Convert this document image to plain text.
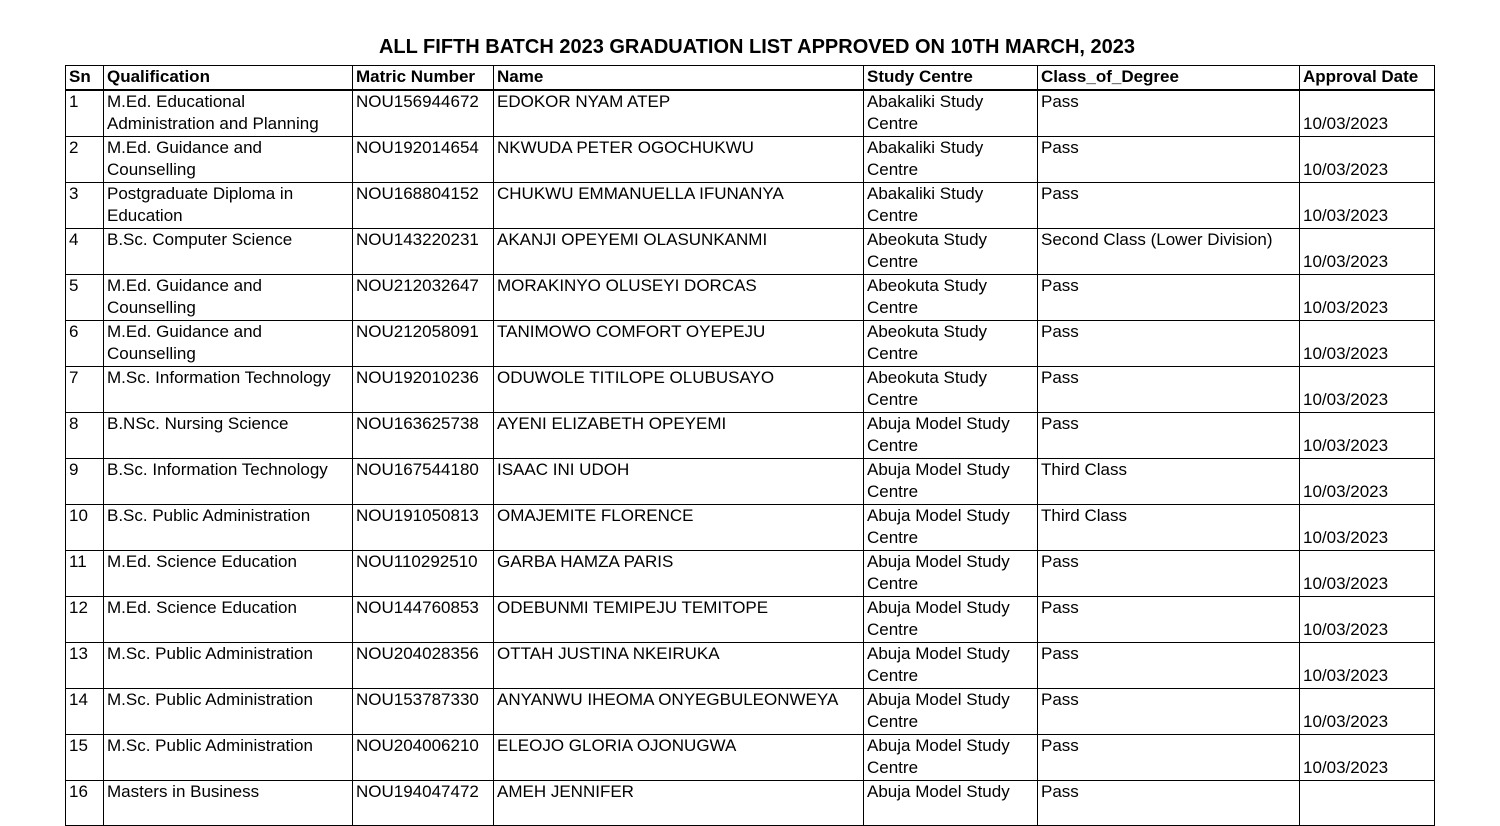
ALL FIFTH BATCH 2023 GRADUATION LIST APPROVED ON 10TH MARCH, 2023
Sn	Qualification	Matric Number	Name	Study Centre	Class_of_Degree	Approval Date
1	M.Ed. Educational Administration and Planning	NOU156944672	EDOKOR NYAM ATEP	Abakaliki Study Centre	Pass	10/03/2023
2	M.Ed. Guidance and Counselling	NOU192014654	NKWUDA PETER OGOCHUKWU	Abakaliki Study Centre	Pass	10/03/2023
3	Postgraduate Diploma in Education	NOU168804152	CHUKWU EMMANUELLA IFUNANYA	Abakaliki Study Centre	Pass	10/03/2023
4	B.Sc. Computer Science	NOU143220231	AKANJI OPEYEMI OLASUNKANMI	Abeokuta Study Centre	Second Class (Lower Division)	10/03/2023
5	M.Ed. Guidance and Counselling	NOU212032647	MORAKINYO OLUSEYI DORCAS	Abeokuta Study Centre	Pass	10/03/2023
6	M.Ed. Guidance and Counselling	NOU212058091	TANIMOWO COMFORT OYEPEJU	Abeokuta Study Centre	Pass	10/03/2023
7	M.Sc. Information Technology	NOU192010236	ODUWOLE TITILOPE OLUBUSAYO	Abeokuta Study Centre	Pass	10/03/2023
8	B.NSc. Nursing Science	NOU163625738	AYENI ELIZABETH OPEYEMI	Abuja Model Study Centre	Pass	10/03/2023
9	B.Sc. Information Technology	NOU167544180	ISAAC INI UDOH	Abuja Model Study Centre	Third Class	10/03/2023
10	B.Sc. Public Administration	NOU191050813	OMAJEMITE FLORENCE	Abuja Model Study Centre	Third Class	10/03/2023
11	M.Ed. Science Education	NOU110292510	GARBA HAMZA PARIS	Abuja Model Study Centre	Pass	10/03/2023
12	M.Ed. Science Education	NOU144760853	ODEBUNMI TEMIPEJU TEMITOPE	Abuja Model Study Centre	Pass	10/03/2023
13	M.Sc. Public Administration	NOU204028356	OTTAH JUSTINA NKEIRUKA	Abuja Model Study Centre	Pass	10/03/2023
14	M.Sc. Public Administration	NOU153787330	ANYANWU IHEOMA ONYEGBULEONWEYA	Abuja Model Study Centre	Pass	10/03/2023
15	M.Sc. Public Administration	NOU204006210	ELEOJO GLORIA OJONUGWA	Abuja Model Study Centre	Pass	10/03/2023
16	Masters in Business	NOU194047472	AMEH JENNIFER	Abuja Model Study	Pass	
